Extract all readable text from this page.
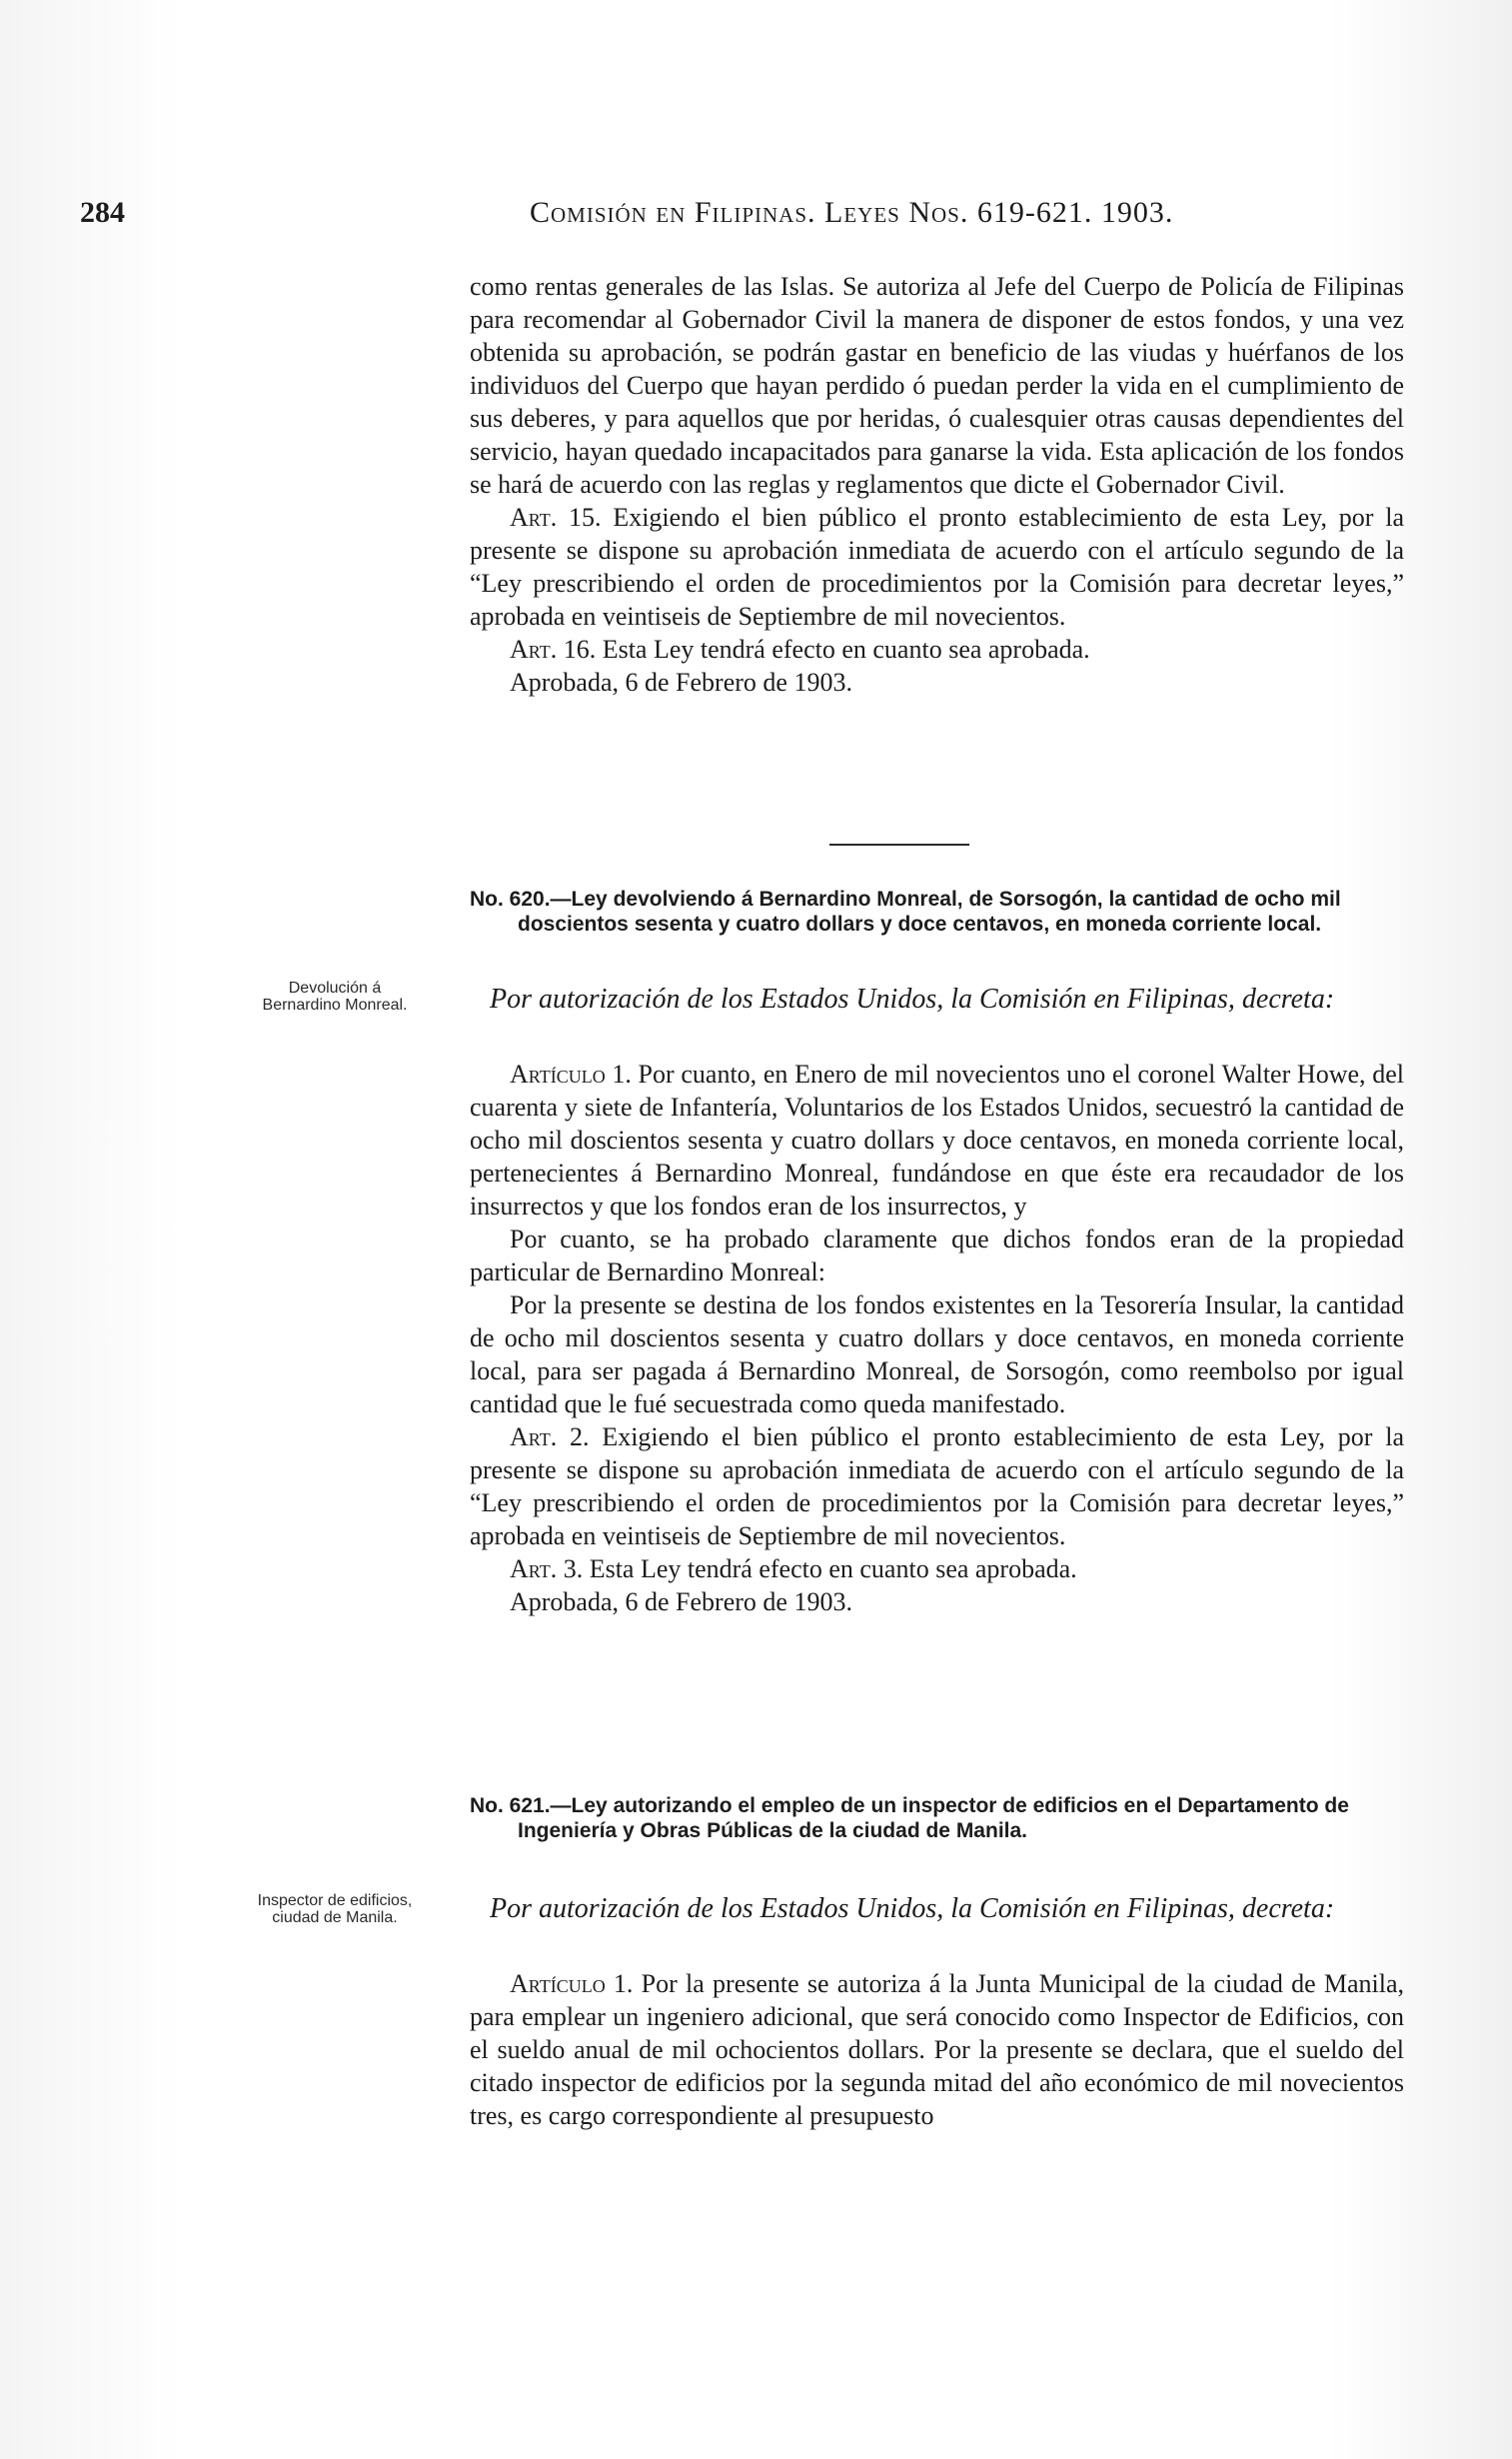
284	Comisión en Filipinas. Leyes Nos. 619-621. 1903.

como rentas generales de las Islas. Se autoriza al Jefe del Cuerpo de Policía de Filipinas para recomendar al Gobernador Civil la manera de disponer de estos fondos, y una vez obtenida su aprobación, se podrán gastar en beneficio de las viudas y huérfanos de los individuos del Cuerpo que hayan perdido ó puedan perder la vida en el cumplimiento de sus deberes, y para aquellos que por heridas, ó cualesquier otras causas dependientes del servicio, hayan quedado incapacitados para ganarse la vida. Esta aplicación de los fondos se hará de acuerdo con las reglas y reglamentos que dicte el Gobernador Civil.

Art. 15. Exigiendo el bien público el pronto establecimiento de esta Ley, por la presente se dispone su aprobación inmediata de acuerdo con el artículo segundo de la “Ley prescribiendo el orden de procedimientos por la Comisión para decretar leyes,” aprobada en veintiseis de Septiembre de mil novecientos.

Art. 16. Esta Ley tendrá efecto en cuanto sea aprobada.

Aprobada, 6 de Febrero de 1903.

No. 620.—Ley devolviendo á Bernardino Monreal, de Sorsogón, la cantidad de ocho mil doscientos sesenta y cuatro dollars y doce centavos, en moneda corriente local.
Devolución á Bernardino Monreal.	Por autorización de los Estados Unidos, la Comisión en Filipinas, decreta:

Artículo 1. Por cuanto, en Enero de mil novecientos uno el coronel Walter Howe, del cuarenta y siete de Infantería, Voluntarios de los Estados Unidos, secuestró la cantidad de ocho mil doscientos sesenta y cuatro dollars y doce centavos, en moneda corriente local, pertenecientes á Bernardino Monreal, fundándose en que éste era recaudador de los insurrectos y que los fondos eran de los insurrectos, y

Por cuanto, se ha probado claramente que dichos fondos eran de la propiedad particular de Bernardino Monreal:

Por la presente se destina de los fondos existentes en la Tesorería Insular, la cantidad de ocho mil doscientos sesenta y cuatro dollars y doce centavos, en moneda corriente local, para ser pagada á Bernardino Monreal, de Sorsogón, como reembolso por igual cantidad que le fué secuestrada como queda manifestado.

Art. 2. Exigiendo el bien público el pronto establecimiento de esta Ley, por la presente se dispone su aprobación inmediata de acuerdo con el artículo segundo de la “Ley prescribiendo el orden de procedimientos por la Comisión para decretar leyes,” aprobada en veintiseis de Septiembre de mil novecientos.

Art. 3. Esta Ley tendrá efecto en cuanto sea aprobada.

Aprobada, 6 de Febrero de 1903.

No. 621.—Ley autorizando el empleo de un inspector de edificios en el Departamento de Ingeniería y Obras Públicas de la ciudad de Manila.
Inspector de edificios, ciudad de Manila.	Por autorización de los Estados Unidos, la Comisión en Filipinas, decreta:

Artículo 1. Por la presente se autoriza á la Junta Municipal de la ciudad de Manila, para emplear un ingeniero adicional, que será conocido como Inspector de Edificios, con el sueldo anual de mil ochocientos dollars. Por la presente se declara, que el sueldo del citado inspector de edificios por la segunda mitad del año económico de mil novecientos tres, es cargo correspondiente al presupuesto
